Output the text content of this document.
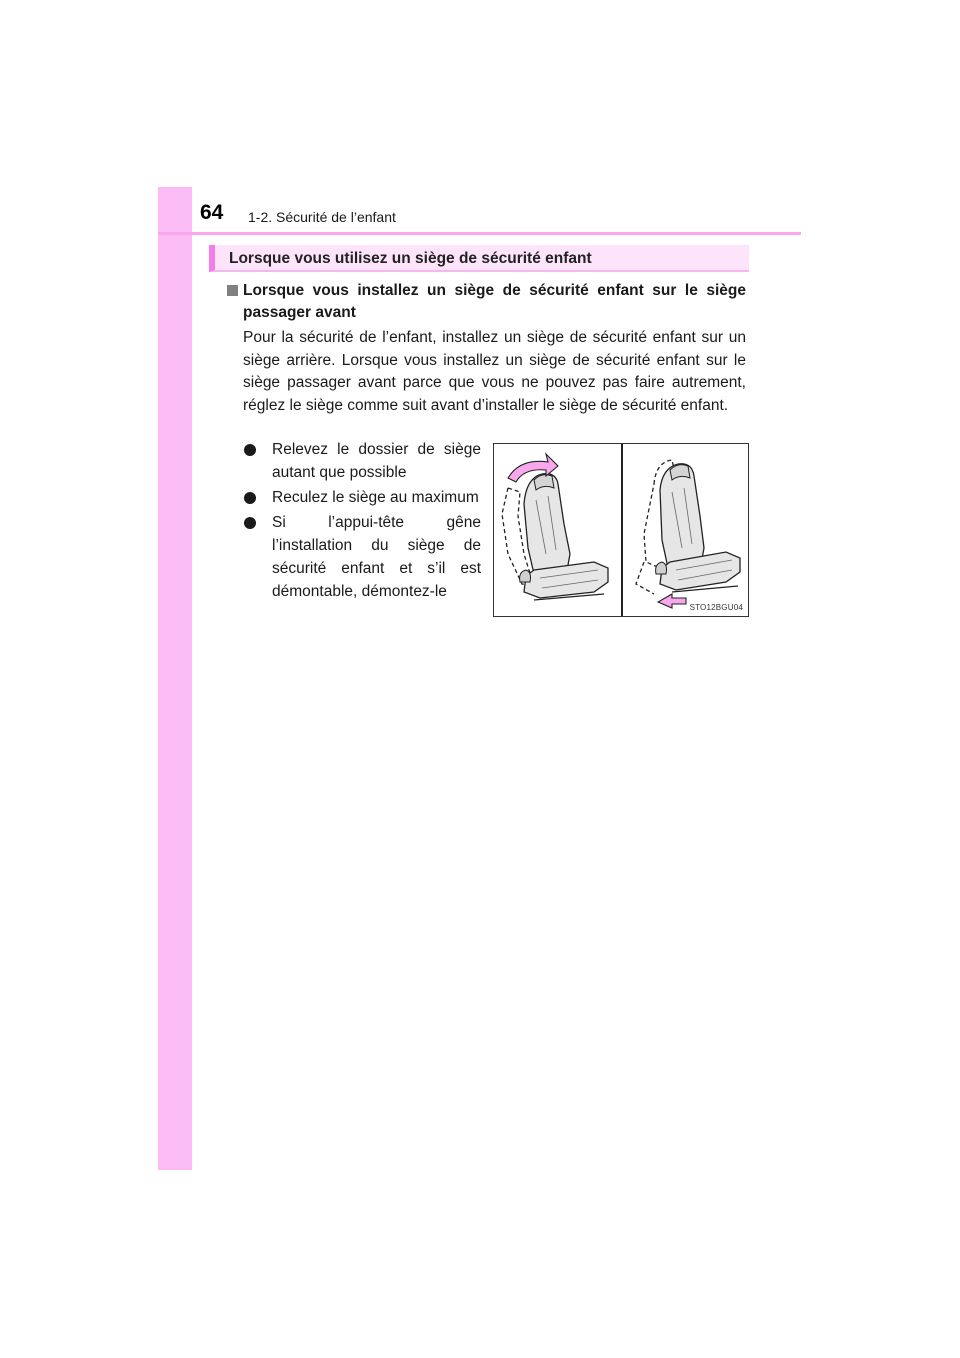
64 1-2. Sécurité de l’enfant
Lorsque vous utilisez un siège de sécurité enfant
Lorsque vous installez un siège de sécurité enfant sur le siège passager avant
Pour la sécurité de l’enfant, installez un siège de sécurité enfant sur un siège arrière. Lorsque vous installez un siège de sécurité enfant sur le siège passager avant parce que vous ne pouvez pas faire autrement, réglez le siège comme suit avant d’installer le siège de sécurité enfant.
Relevez le dossier de siège autant que possible
Reculez le siège au maximum
Si l’appui-tête gêne l’installation du siège de sécurité enfant et s’il est démontable, démontez-le
STO12BGU04
